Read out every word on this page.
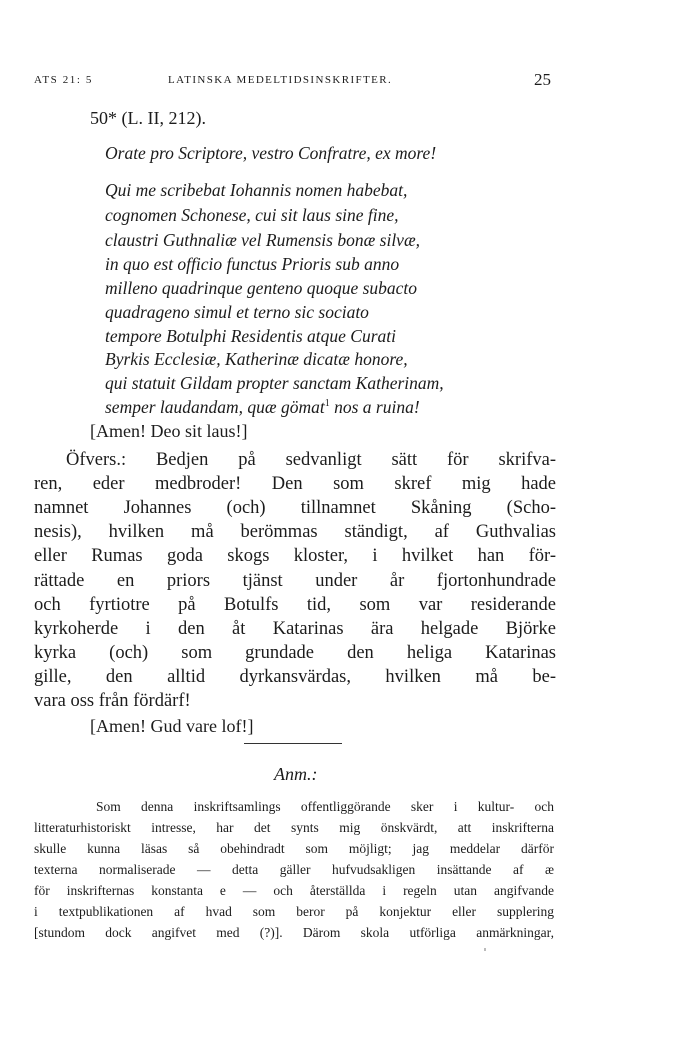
ATS 21: 5	LATINSKA MEDELTIDSINSKRIFTER.	25
50* (L. II, 212).
Orate pro Scriptore, vestro Confratre, ex more!
Qui me scribebat Iohannis nomen habebat,
cognomen Schonese, cui sit laus sine fine,
claustri Guthnaliæ vel Rumensis bonæ silvæ,
in quo est officio functus Prioris sub anno
milleno quadrinque genteno quoque subacto
quadrageno simul et terno sic sociato
tempore Botulphi Residentis atque Curati
Byrkis Ecclesiæ, Katherinæ dicatæ honore,
qui statuit Gildam propter sanctam Katherinam,
semper laudandam, quæ gömat$^1$ nos a ruina!
[Amen! Deo sit laus!]
Öfvers.: Bedjen på sedvanligt sätt för skrifva-
ren, eder medbroder! Den som skref mig hade
namnet Johannes (och) tillnamnet Skåning (Scho-
nesis), hvilken må berömmas ständigt, af Guthvalias
eller Rumas goda skogs kloster, i hvilket han för-
rättade en priors tjänst under år fjortonhundrade
och fyrtiotre på Botulfs tid, som var residerande
kyrkoherde i den åt Katarinas ära helgade Björke
kyrka (och) som grundade den heliga Katarinas
gille, den alltid dyrkansvärdas, hvilken må be-
vara oss från fördärf!
[Amen! Gud vare lof!]
Anm.:
Som denna inskriftsamlings offentliggörande sker i kultur- och
litteraturhistoriskt intresse, har det synts mig önskvärdt, att inskrifterna
skulle kunna läsas så obehindradt som möjligt; jag meddelar därför
texterna normaliserade — detta gäller hufvudsakligen insättande af æ
för inskrifternas konstanta e — och återställda i regeln utan angifvande
i textpublikationen af hvad som beror på konjektur eller supplering
[stundom dock angifvet med (?)]. Därom skola utförliga anmärkningar,
